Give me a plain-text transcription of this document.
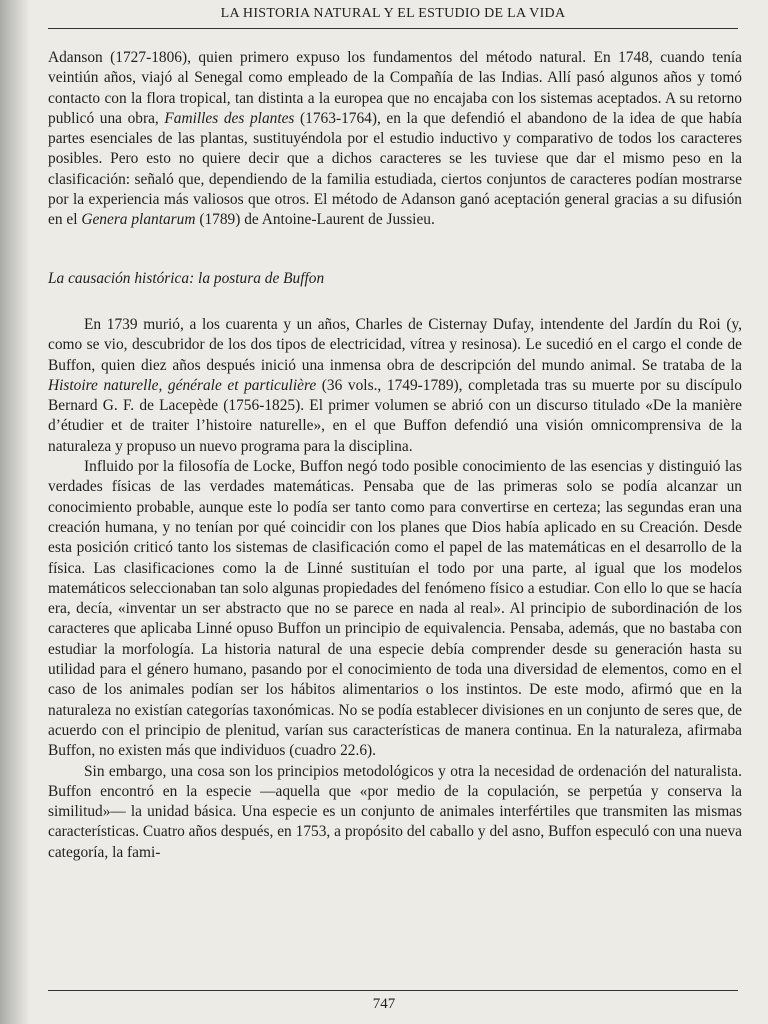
LA HISTORIA NATURAL Y EL ESTUDIO DE LA VIDA

Adanson (1727-1806), quien primero expuso los fundamentos del método natural. En 1748, cuando tenía veintiún años, viajó al Senegal como empleado de la Compañía de las Indias. Allí pasó algunos años y tomó contacto con la flora tropical, tan distinta a la europea que no encajaba con los sistemas aceptados. A su retorno publicó una obra, Familles des plantes (1763-1764), en la que defendió el abandono de la idea de que había partes esenciales de las plantas, sustituyéndola por el estudio inductivo y comparativo de todos los caracteres posibles. Pero esto no quiere decir que a dichos caracteres se les tuviese que dar el mismo peso en la clasificación: señaló que, dependiendo de la familia estudiada, ciertos conjuntos de caracteres podían mostrarse por la experiencia más valiosos que otros. El método de Adanson ganó aceptación general gracias a su difusión en el Genera plantarum (1789) de Antoine-Laurent de Jussieu.

La causación histórica: la postura de Buffon

En 1739 murió, a los cuarenta y un años, Charles de Cisternay Dufay, intendente del Jardín du Roi (y, como se vio, descubridor de los dos tipos de electricidad, vítrea y resinosa). Le sucedió en el cargo el conde de Buffon, quien diez años después inició una inmensa obra de descripción del mundo animal. Se trataba de la Histoire naturelle, générale et particulière (36 vols., 1749-1789), completada tras su muerte por su discípulo Bernard G. F. de Lacepède (1756-1825). El primer volumen se abrió con un discurso titulado «De la manière d’étudier et de traiter l’histoire naturelle», en el que Buffon defendió una visión omnicomprensiva de la naturaleza y propuso un nuevo programa para la disciplina.

Influido por la filosofía de Locke, Buffon negó todo posible conocimiento de las esencias y distinguió las verdades físicas de las verdades matemáticas. Pensaba que de las primeras solo se podía alcanzar un conocimiento probable, aunque este lo podía ser tanto como para convertirse en certeza; las segundas eran una creación humana, y no tenían por qué coincidir con los planes que Dios había aplicado en su Creación. Desde esta posición criticó tanto los sistemas de clasificación como el papel de las matemáticas en el desarrollo de la física. Las clasificaciones como la de Linné sustituían el todo por una parte, al igual que los modelos matemáticos seleccionaban tan solo algunas propiedades del fenómeno físico a estudiar. Con ello lo que se hacía era, decía, «inventar un ser abstracto que no se parece en nada al real». Al principio de subordinación de los caracteres que aplicaba Linné opuso Buffon un principio de equivalencia. Pensaba, además, que no bastaba con estudiar la morfología. La historia natural de una especie debía comprender desde su generación hasta su utilidad para el género humano, pasando por el conocimiento de toda una diversidad de elementos, como en el caso de los animales podían ser los hábitos alimentarios o los instintos. De este modo, afirmó que en la naturaleza no existían categorías taxonómicas. No se podía establecer divisiones en un conjunto de seres que, de acuerdo con el principio de plenitud, varían sus características de manera continua. En la naturaleza, afirmaba Buffon, no existen más que individuos (cuadro 22.6).

Sin embargo, una cosa son los principios metodológicos y otra la necesidad de ordenación del naturalista. Buffon encontró en la especie —aquella que «por medio de la copulación, se perpetúa y conserva la similitud»— la unidad básica. Una especie es un conjunto de animales interfértiles que transmiten las mismas características. Cuatro años después, en 1753, a propósito del caballo y del asno, Buffon especuló con una nueva categoría, la fami-

747
